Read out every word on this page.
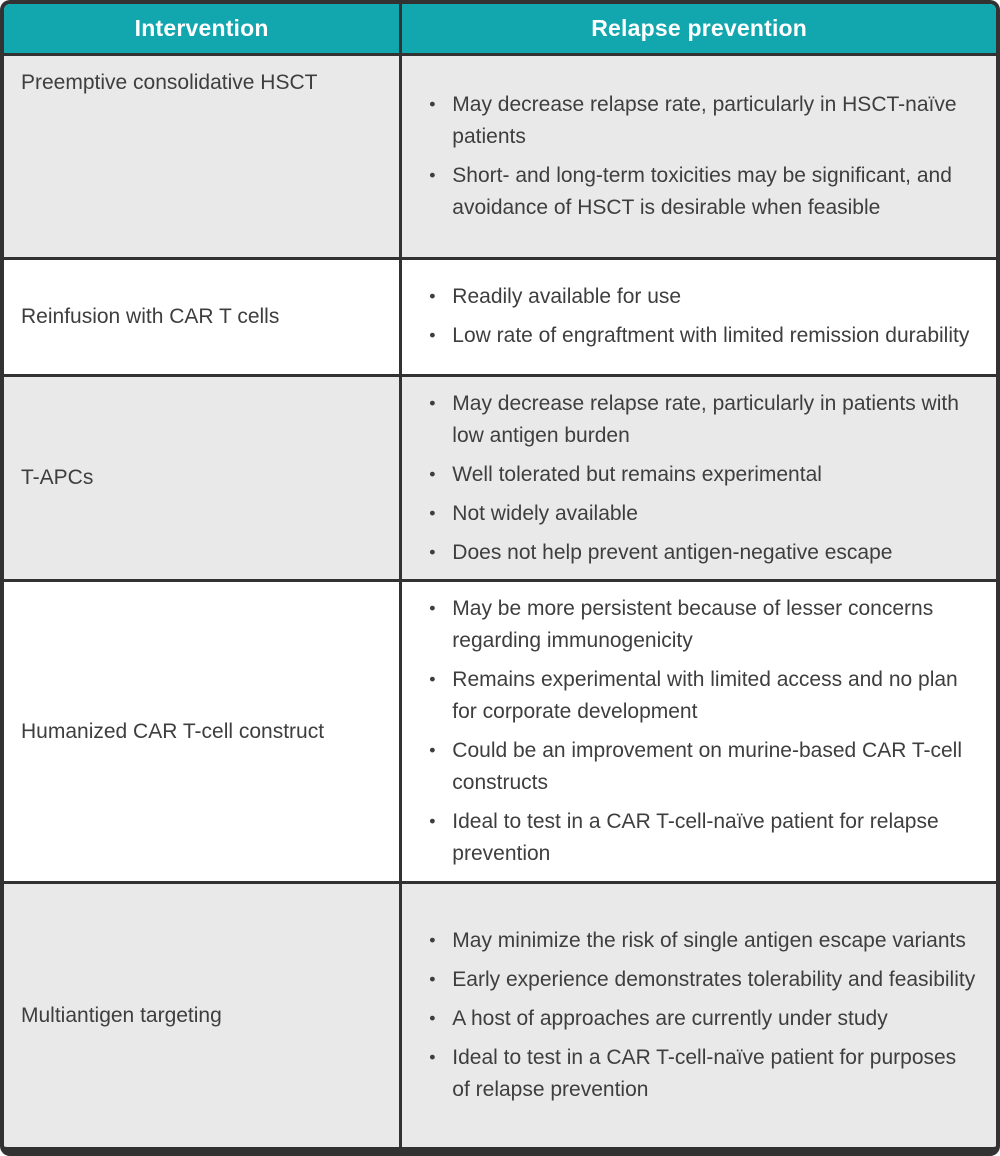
Intervention	Relapse prevention
Preemptive consolidative HSCT	
• May decrease relapse rate, particularly in HSCT-naïve patients
• Short- and long-term toxicities may be significant, and avoidance of HSCT is desirable when feasible

Reinfusion with CAR T cells	
• Readily available for use
• Low rate of engraftment with limited remission durability

T-APCs	
• May decrease relapse rate, particularly in patients with low antigen burden
• Well tolerated but remains experimental
• Not widely available
• Does not help prevent antigen-negative escape

Humanized CAR T-cell construct	
• May be more persistent because of lesser concerns regarding immunogenicity
• Remains experimental with limited access and no plan for corporate development
• Could be an improvement on murine-based CAR T-cell constructs
• Ideal to test in a CAR T-cell-naïve patient for relapse prevention

Multiantigen targeting	
• May minimize the risk of single antigen escape variants
• Early experience demonstrates tolerability and feasibility
• A host of approaches are currently under study
• Ideal to test in a CAR T-cell-naïve patient for purposes of relapse prevention
